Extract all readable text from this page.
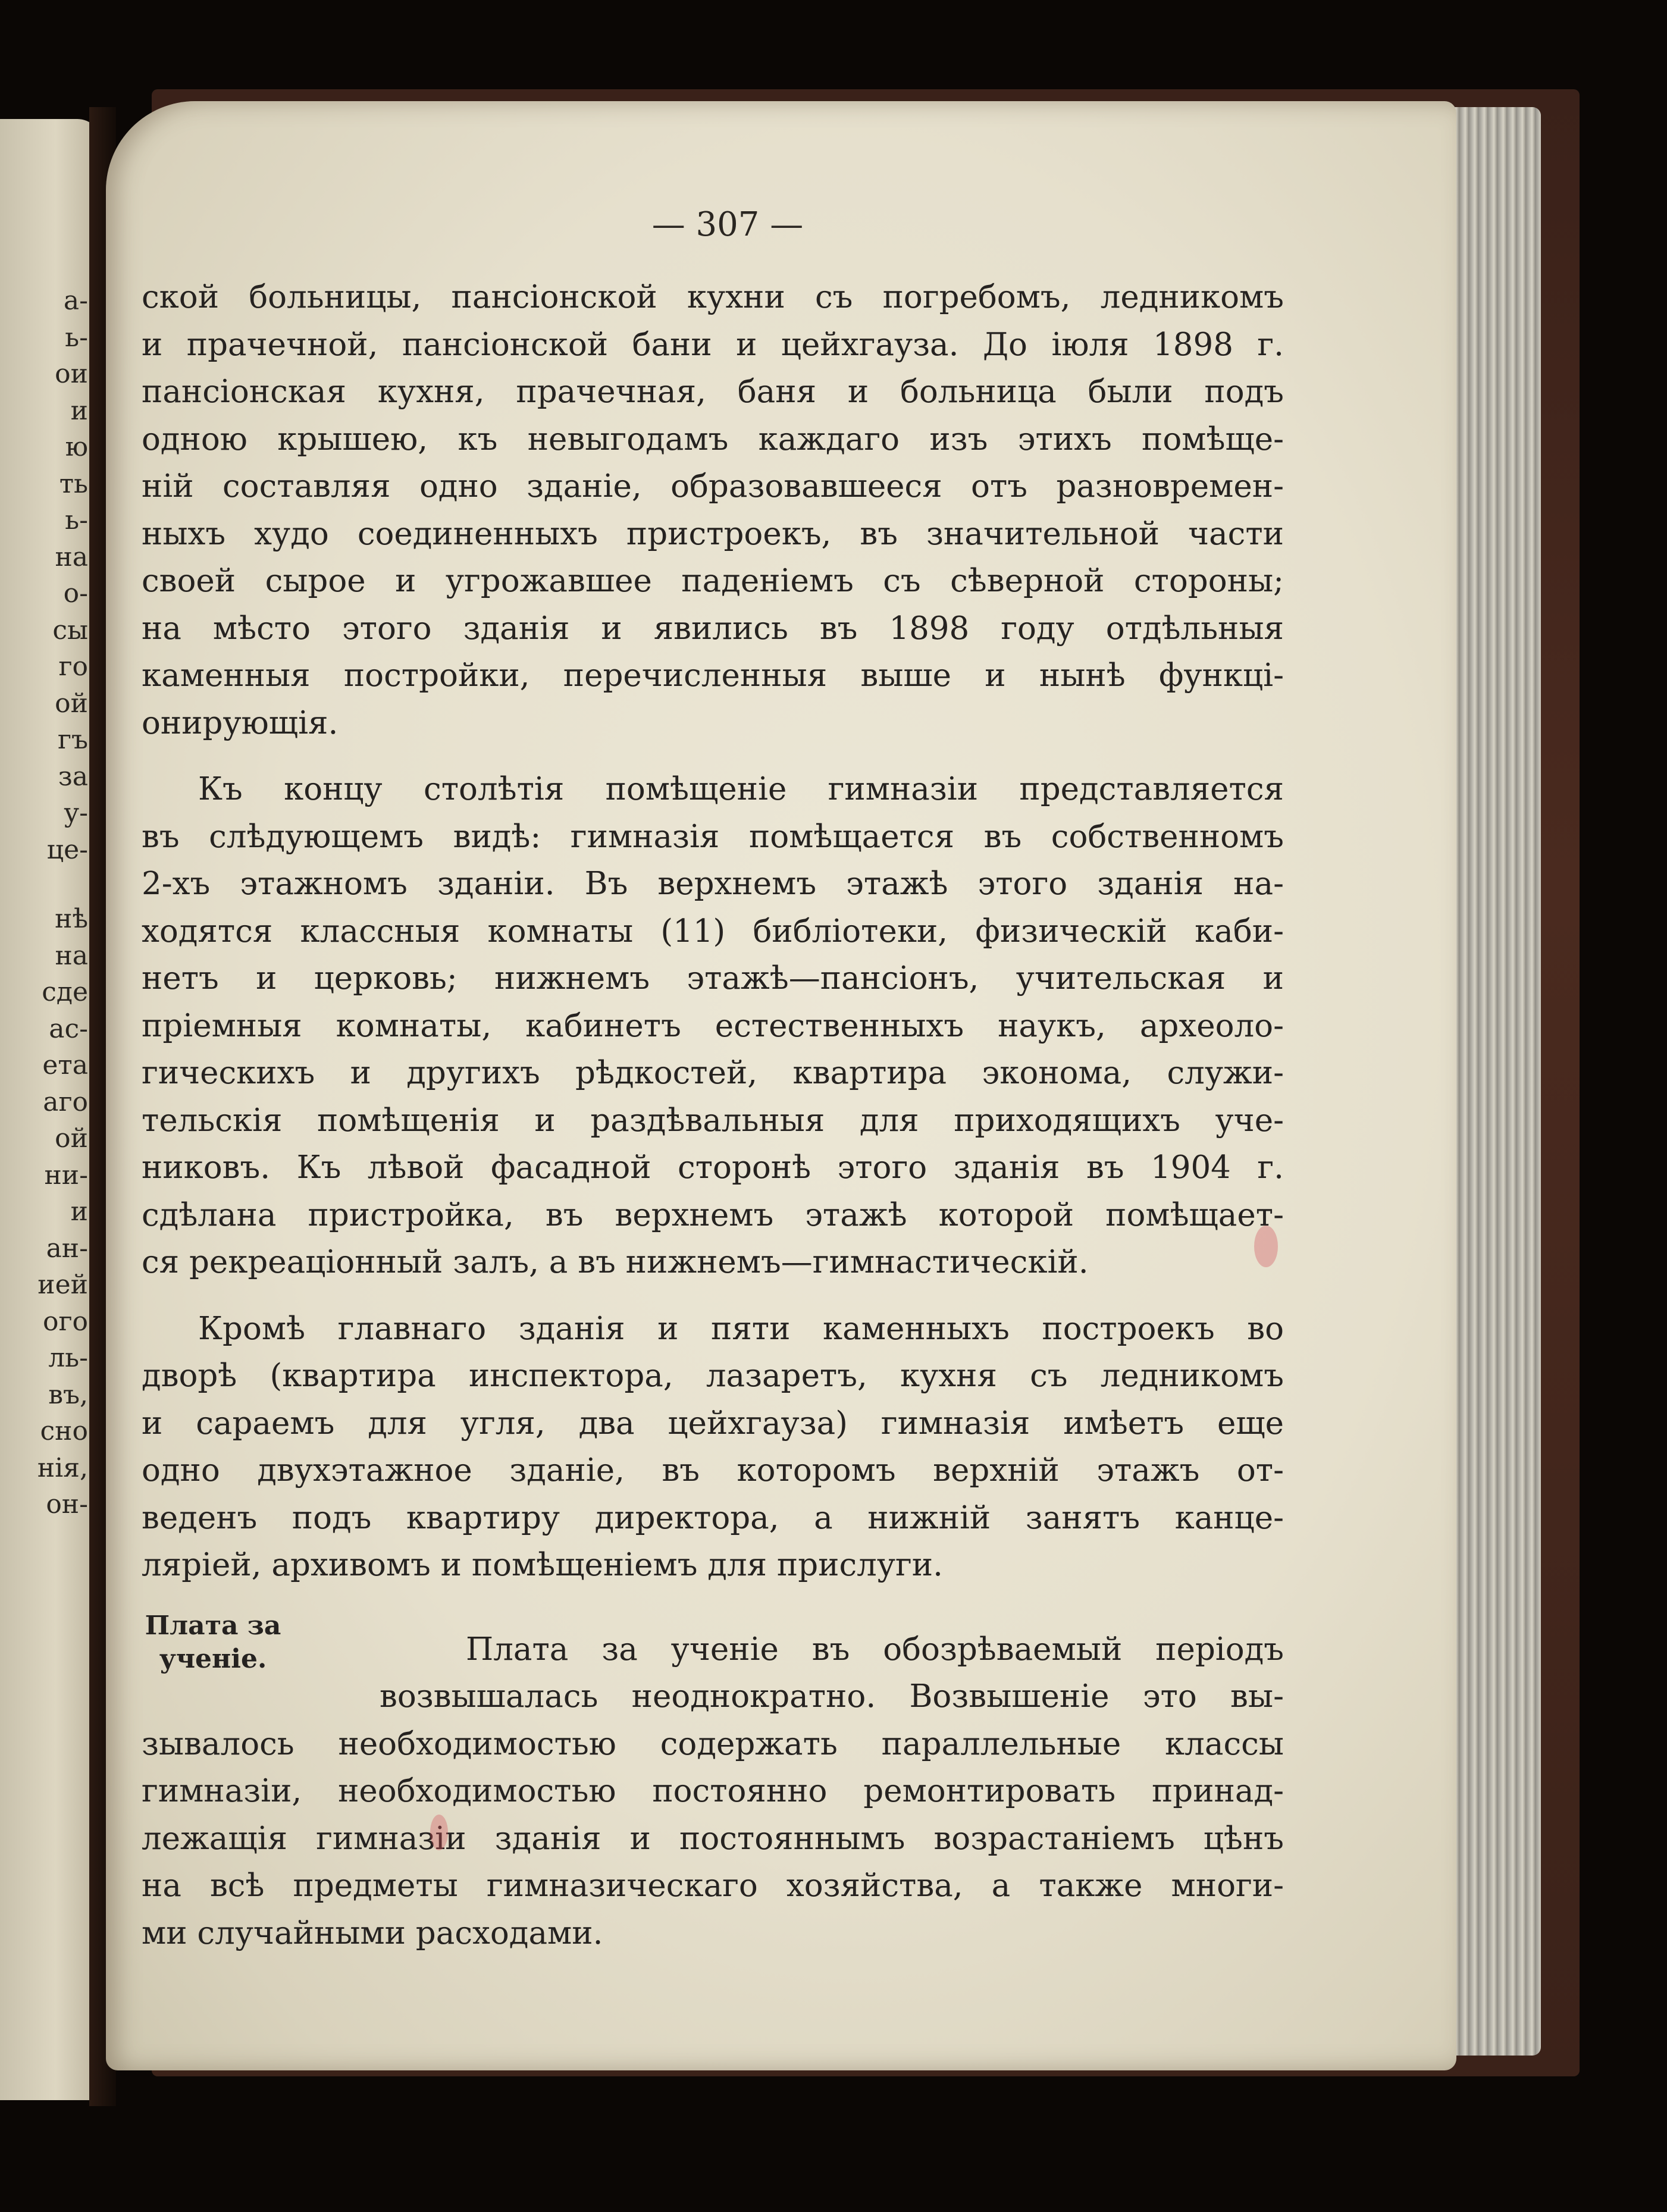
а-
ь-
ои
и
ю
ть
ь-
на
о-
сы
го
ой
гъ
за
у-
це-
нѣ
на
сде
ас-
ета
аго
ой
ни-
и
ан-
ией
ого
ль-
въ,
сно
нія,
он-
— 307 —
ской больницы, пансіонской кухни съ погребомъ, ледникомъ
и прачечной, пансіонской бани и цейхгауза. До іюля 1898 г.
пансіонская кухня, прачечная, баня и больница были подъ
одною крышею, къ невыгодамъ каждаго изъ этихъ помѣще-
ній составляя одно зданіе, образовавшееся отъ разновремен-
ныхъ худо соединенныхъ пристроекъ, въ значительной части
своей сырое и угрожавшее паденіемъ съ сѣверной стороны;
на мѣсто этого зданія и явились въ 1898 году отдѣльныя
каменныя постройки, перечисленныя выше и нынѣ функці-
онирующія.
Къ концу столѣтія помѣщеніе гимназіи представляется
въ слѣдующемъ видѣ: гимназія помѣщается въ собственномъ
2-хъ этажномъ зданіи. Въ верхнемъ этажѣ этого зданія на-
ходятся классныя комнаты (11) библіотеки, физическій каби-
нетъ и церковь; нижнемъ этажѣ—пансіонъ, учительская и
пріемныя комнаты, кабинетъ естественныхъ наукъ, археоло-
гическихъ и другихъ рѣдкостей, квартира эконома, служи-
тельскія помѣщенія и раздѣвальныя для приходящихъ уче-
никовъ. Къ лѣвой фасадной сторонѣ этого зданія въ 1904 г.
сдѣлана пристройка, въ верхнемъ этажѣ которой помѣщает-
ся рекреаціонный залъ, а въ нижнемъ—гимнастическій.
Кромѣ главнаго зданія и пяти каменныхъ построекъ во
дворѣ (квартира инспектора, лазаретъ, кухня съ ледникомъ
и сараемъ для угля, два цейхгауза) гимназія имѣетъ еще
одно двухэтажное зданіе, въ которомъ верхній этажъ от-
веденъ подъ квартиру директора, а нижній занятъ канце-
ляріей, архивомъ и помѣщеніемъ для прислуги.
Плата за ученіе въ обозрѣваемый періодъ
возвышалась неоднократно. Возвышеніе это вы-
зывалось необходимостью содержать параллельные классы
гимназіи, необходимостью постоянно ремонтировать принад-
лежащія гимназіи зданія и постояннымъ возрастаніемъ цѣнъ
на всѣ предметы гимназическаго хозяйства, а также многи-
ми случайными расходами.
Плата за ученіе.
